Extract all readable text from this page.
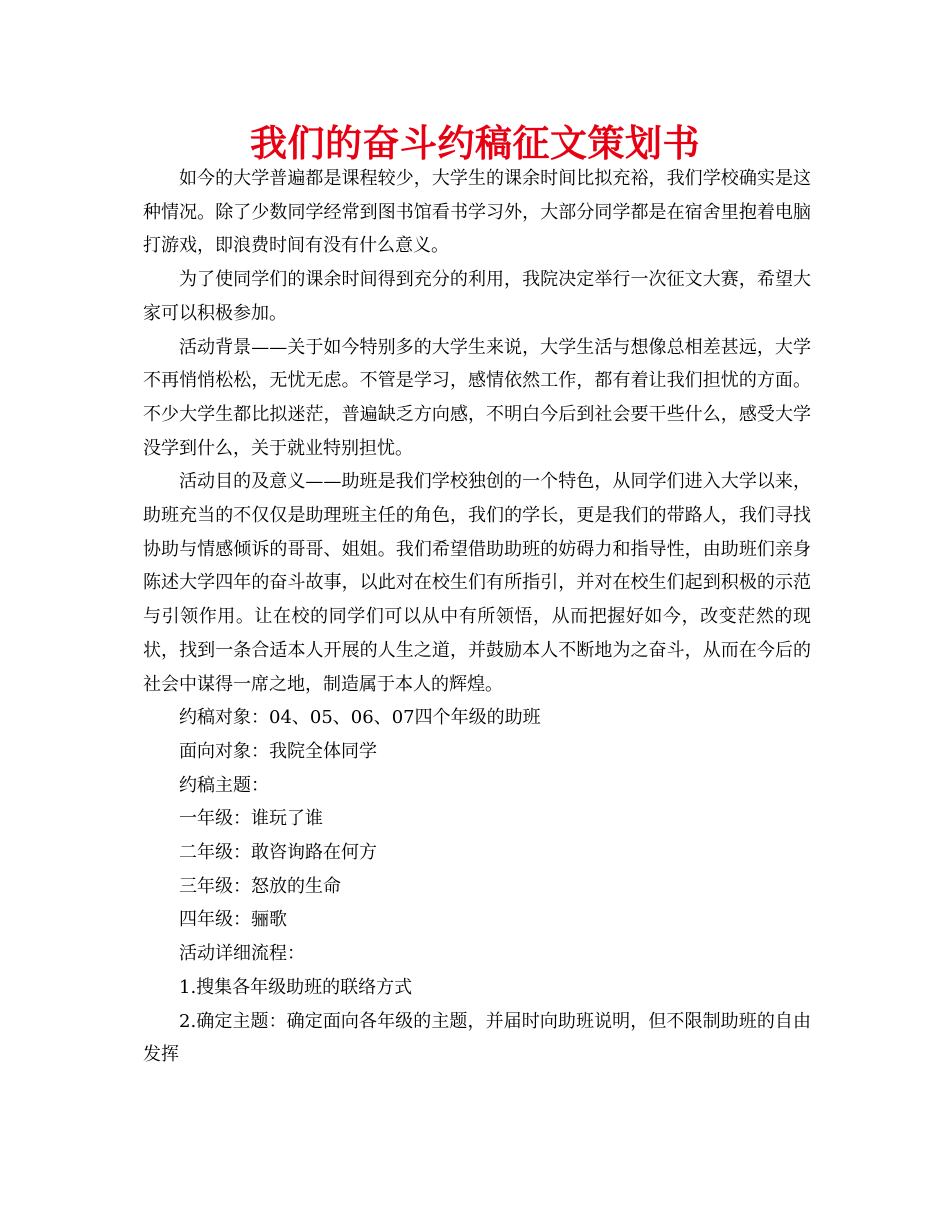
我们的奋斗约稿征文策划书

如今的大学普遍都是课程较少，大学生的课余时间比拟充裕，我们学校确实是这种情况。除了少数同学经常到图书馆看书学习外，大部分同学都是在宿舍里抱着电脑打游戏，即浪费时间有没有什么意义。

为了使同学们的课余时间得到充分的利用，我院决定举行一次征文大赛，希望大家可以积极参加。

活动背景——关于如今特别多的大学生来说，大学生活与想像总相差甚远，大学不再悄悄松松，无忧无虑。不管是学习，感情依然工作，都有着让我们担忧的方面。不少大学生都比拟迷茫，普遍缺乏方向感，不明白今后到社会要干些什么，感受大学没学到什么，关于就业特别担忧。

活动目的及意义——助班是我们学校独创的一个特色，从同学们进入大学以来，助班充当的不仅仅是助理班主任的角色，我们的学长，更是我们的带路人，我们寻找协助与情感倾诉的哥哥、姐姐。我们希望借助助班的妨碍力和指导性，由助班们亲身陈述大学四年的奋斗故事，以此对在校生们有所指引，并对在校生们起到积极的示范与引领作用。让在校的同学们可以从中有所领悟，从而把握好如今，改变茫然的现状，找到一条合适本人开展的人生之道，并鼓励本人不断地为之奋斗，从而在今后的社会中谋得一席之地，制造属于本人的辉煌。

约稿对象：04、05、06、07四个年级的助班

面向对象：我院全体同学

约稿主题：

一年级：谁玩了谁

二年级：敢咨询路在何方

三年级：怒放的生命

四年级：骊歌

活动详细流程：

1.搜集各年级助班的联络方式

2.确定主题：确定面向各年级的主题，并届时向助班说明，但不限制助班的自由发挥
